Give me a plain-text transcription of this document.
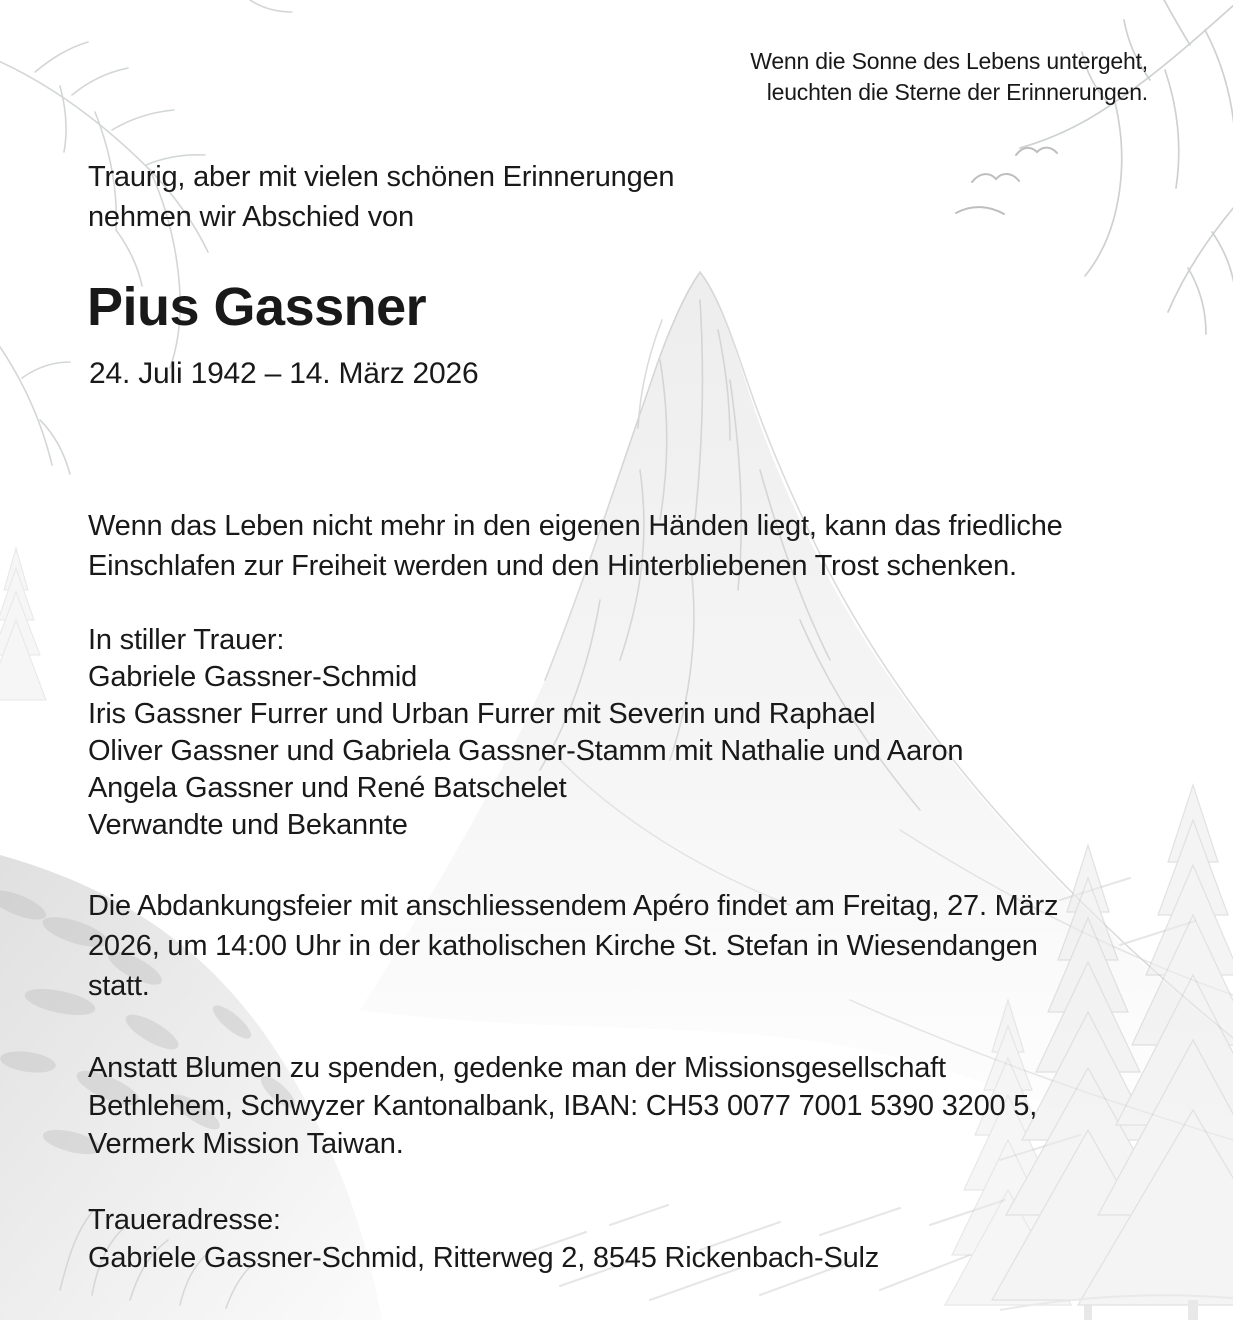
Wenn die Sonne des Lebens untergeht,
leuchten die Sterne der Erinnerungen.
Traurig, aber mit vielen schönen Erinnerungen
nehmen wir Abschied von
Pius Gassner
24. Juli 1942 – 14. März 2026
Wenn das Leben nicht mehr in den eigenen Händen liegt, kann das friedliche
Einschlafen zur Freiheit werden und den Hinterbliebenen Trost schenken.
In stiller Trauer:
Gabriele Gassner-Schmid
Iris Gassner Furrer und Urban Furrer mit Severin und Raphael
Oliver Gassner und Gabriela Gassner-Stamm mit Nathalie und Aaron
Angela Gassner und René Batschelet
Verwandte und Bekannte
Die Abdankungsfeier mit anschliessendem Apéro findet am Freitag, 27. März
2026, um 14:00 Uhr in der katholischen Kirche St. Stefan in Wiesendangen
statt.
Anstatt Blumen zu spenden, gedenke man der Missionsgesellschaft
Bethlehem, Schwyzer Kantonalbank, IBAN: CH53 0077 7001 5390 3200 5,
Vermerk Mission Taiwan.
Traueradresse:
Gabriele Gassner-Schmid, Ritterweg 2, 8545 Rickenbach-Sulz
